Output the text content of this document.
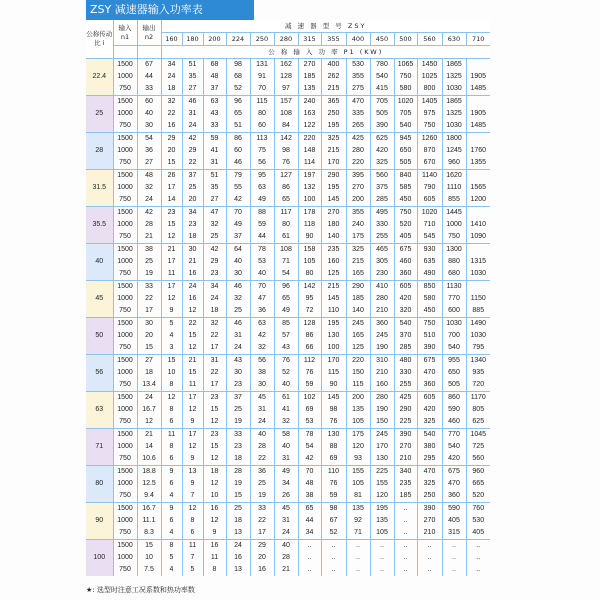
ZSY 减速器输入功率表
公称传动比 i	输入
n1	输出
n2	减 速 器 型 号 ZSY													
			160	180	200	224	250	280	315	355	400	450	500	560	630	710
			公 称 输 入 功 率 P1 (KW)													
22.4	1500	67	34	51	68	98	131	162	270	400	530	780	1065	1450	1865	
	1000	44	24	35	48	68	91	128	185	262	355	540	750	1025	1325	1905
	750	33	18	27	37	52	70	97	135	215	275	415	580	800	1030	1485
25	1500	60	32	46	63	96	115	157	240	365	470	705	1020	1405	1865	
	1000	40	22	31	43	65	80	108	163	250	335	505	705	975	1325	1905
	750	30	16	24	33	51	60	84	122	195	265	390	540	750	1030	1485
28	1500	54	29	42	59	86	113	142	220	325	425	625	945	1260	1800	
	1000	36	20	29	41	60	75	98	148	215	280	420	650	870	1245	1760
	750	27	15	22	31	46	56	76	114	170	220	325	505	670	960	1355
31.5	1500	48	26	37	51	79	95	127	197	290	395	560	840	1140	1620	
	1000	32	17	25	35	55	63	86	132	195	270	375	585	790	1110	1565
	750	24	14	20	27	42	49	65	100	145	200	285	450	605	855	1200
35.5	1500	42	23	34	47	70	88	117	178	270	355	495	750	1020	1445	
	1000	28	15	23	32	49	59	80	118	180	240	330	520	710	1000	1410
	750	21	12	18	25	37	44	61	90	140	175	255	405	545	750	1090
40	1500	38	21	30	42	64	78	108	158	235	325	465	675	930	1300	
	1000	25	17	21	29	40	53	71	105	160	215	305	460	635	880	1315
	750	19	11	16	23	30	40	54	80	125	165	230	360	490	680	1030
45	1500	33	17	24	34	46	70	96	142	215	290	410	605	850	1130	
	1000	22	12	16	24	32	47	65	95	145	185	280	420	580	770	1150
	750	17	9	12	18	25	36	49	72	110	140	210	320	450	600	885
50	1500	30	5	22	32	46	63	85	128	195	245	360	540	750	1030	1490
	1000	20	4	15	22	31	42	57	86	130	165	245	370	510	700	1030
	750	15	3	12	17	24	32	43	66	100	125	190	285	390	540	795
56	1500	27	15	21	31	43	56	76	112	170	220	310	480	675	955	1340
	1000	18	10	15	22	30	38	52	76	115	150	210	330	470	650	935
	750	13.4	8	11	17	23	30	40	59	90	115	160	255	360	505	720
63	1500	24	12	17	23	37	45	61	102	145	200	280	425	605	860	1170
	1000	16.7	8	12	15	25	31	41	69	98	135	190	290	420	590	805
	750	12	6	9	12	19	24	32	53	76	105	150	225	325	460	625
71	1500	21	11	17	23	33	40	58	78	130	175	245	390	540	770	1045
	1000	14	8	12	15	23	28	40	54	88	120	170	270	380	540	725
	750	10.6	6	9	12	18	22	31	42	69	93	130	210	295	420	560
80	1500	18.8	9	13	18	28	36	49	70	110	155	225	340	470	675	960
	1000	12.5	6	9	12	19	25	34	48	76	105	155	235	325	470	665
	750	9.4	4	7	10	15	19	26	38	59	81	120	185	250	360	520
90	1500	16.7	9	12	16	25	33	45	65	98	135	195	..	390	590	760
	1000	11.1	6	8	12	18	22	31	44	67	92	135	..	270	405	530
	750	8.3	4	6	9	13	17	24	34	52	71	105	..	210	315	405
100	1500	15	8	11	16	24	29	40	..	..	..	..	..	..	..	..
	1000	10	5	7	11	16	20	28	..	..	..	..	..	..	..	..
	750	7.5	4	5	8	13	16	21	..	..	..	..	..	..	..	..
★: 选型时注意工况系数和热功率数
